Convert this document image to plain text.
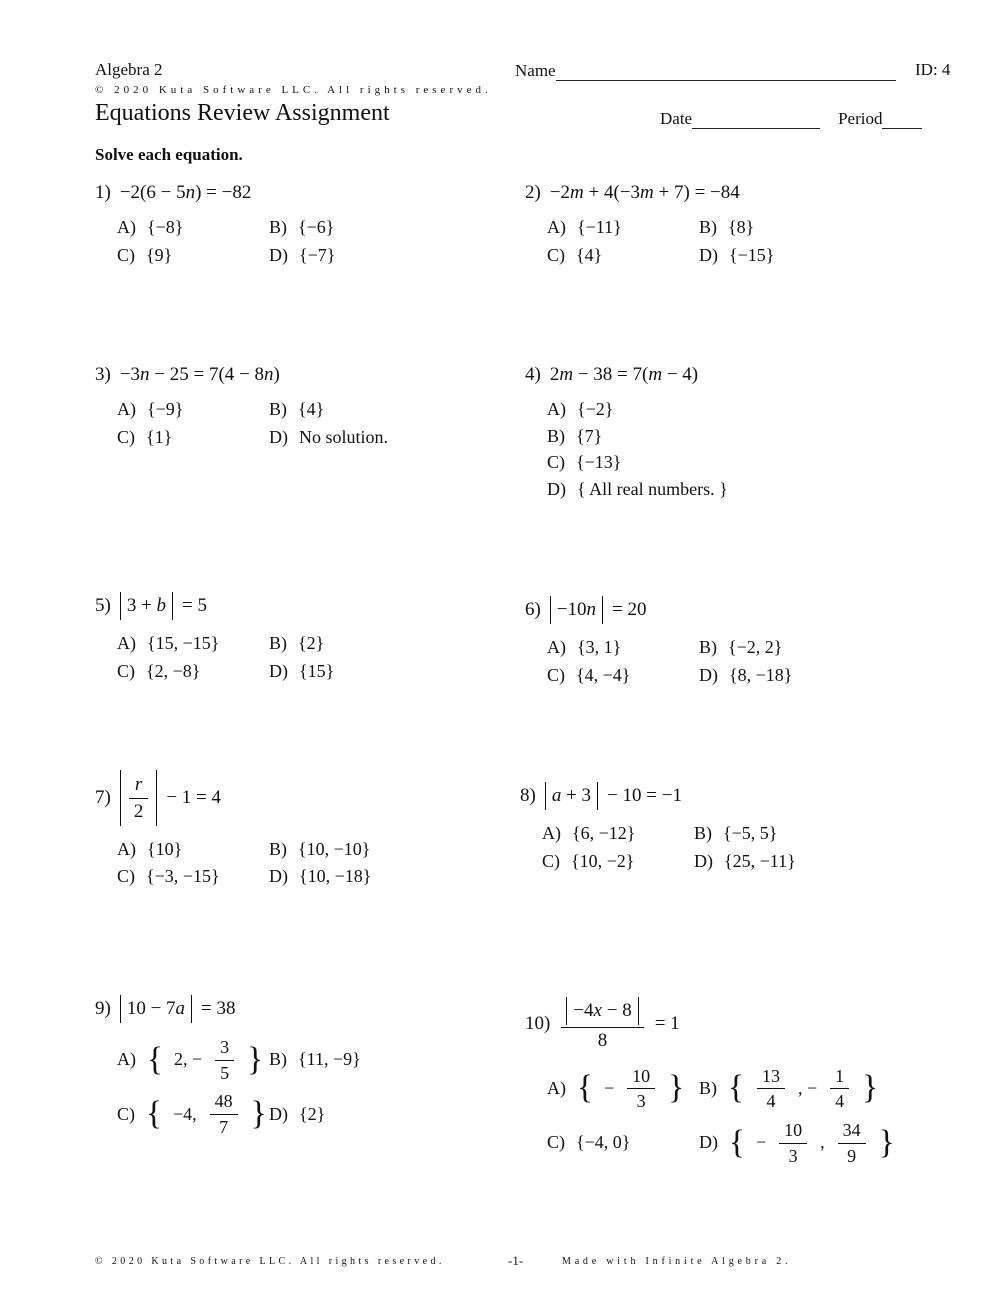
Algebra 2
© 2020 Kuta Software LLC. All rights reserved.
Equations Review Assignment
Name	ID: 4
Date	Period
Solve each equation.
1) −2(6 − 5n) = −82
A) {−8}	B) {−6}
C) {9}	D) {−7}
2) −2m + 4(−3m + 7) = −84
A) {−11}	B) {8}
C) {4}	D) {−15}
3) −3n − 25 = 7(4 − 8n)
A) {−9}	B) {4}
C) {1}	D) No solution.
4) 2m − 38 = 7(m − 4)
A) {−2}
B) {7}
C) {−13}
D) { All real numbers. }
5) 3 + b = 5
A) {15, −15}	B) {2}
C) {2, −8}	D) {15}
6) −10n = 20
A) {3, 1}	B) {−2, 2}
C) {4, −4}	D) {8, −18}
$7) \frac{r}{2} - 1 = 4$
A) {10}	B) {10, −10}
C) {−3, −15}	D) {10, −18}
8) a + 3 − 10 = −1
A) {6, −12}	B) {−5, 5}
C) {10, −2}	D) {25, −11}
9) 10 − 7a = 38
A) { 2, − $\frac{3}{5}$ } B) {11, −9}
C) { −4, $\frac{48}{7}$ } D) {2}
$10) \frac{-4x - 8}{8} = 1$
A) { − $\frac{10}{3}$ } B) { $\frac{13}{4}$ , − $\frac{1}{4}$ }
C) {−4, 0}	D) { − $\frac{10}{3}$ , $\frac{34}{9}$ }
© 2020 Kuta Software LLC. All rights reserved.	-1-	Made with Infinite Algebra 2.
